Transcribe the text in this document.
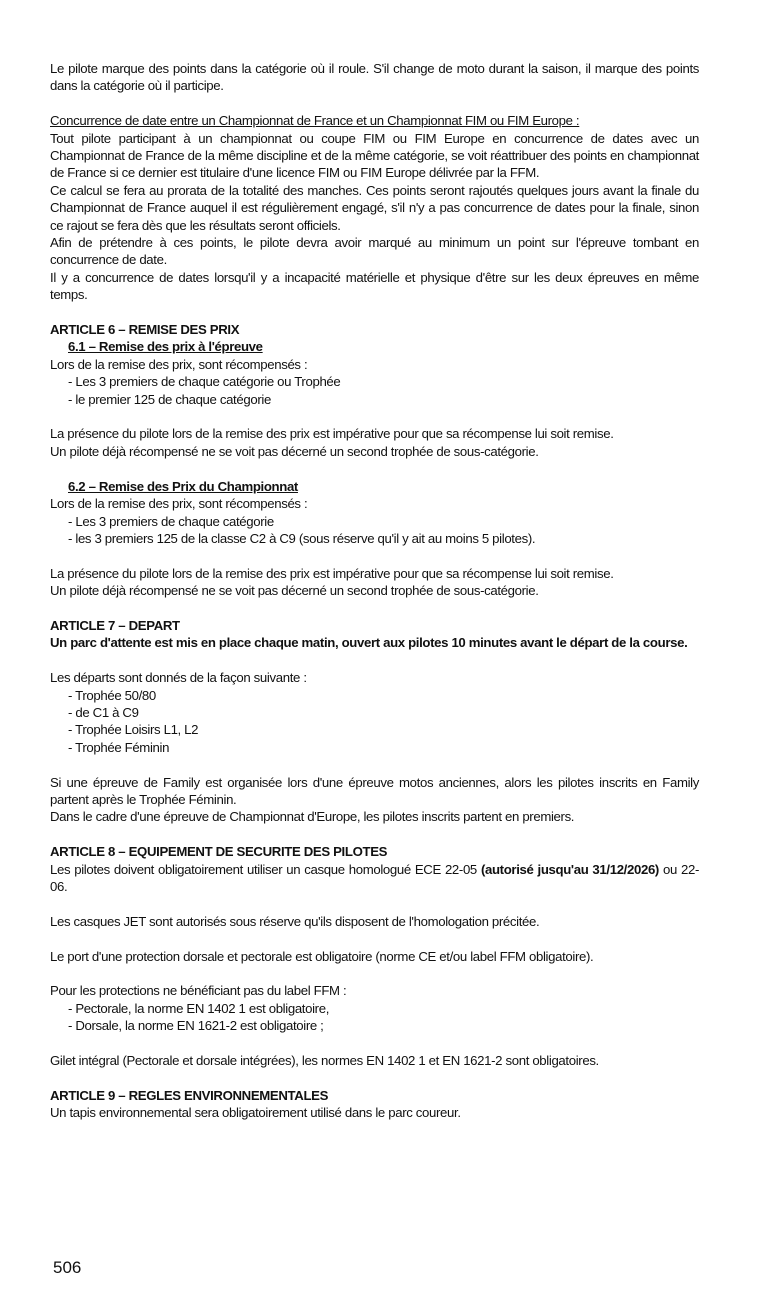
Le pilote marque des points dans la catégorie où il roule. S'il change de moto durant la saison, il marque des points dans la catégorie où il participe.

Concurrence de date entre un Championnat de France et un Championnat FIM ou FIM Europe :

Tout pilote participant à un championnat ou coupe FIM ou FIM Europe en concurrence de dates avec un Championnat de France de la même discipline et de la même catégorie, se voit réattribuer des points en championnat de France si ce dernier est titulaire d'une licence FIM ou FIM Europe délivrée par la FFM.

Ce calcul se fera au prorata de la totalité des manches. Ces points seront rajoutés quelques jours avant la finale du Championnat de France auquel il est régulièrement engagé, s'il n'y a pas concurrence de dates pour la finale, sinon ce rajout se fera dès que les résultats seront officiels.

Afin de prétendre à ces points, le pilote devra avoir marqué au minimum un point sur l'épreuve tombant en concurrence de date.

Il y a concurrence de dates lorsqu'il y a incapacité matérielle et physique d'être sur les deux épreuves en même temps.

ARTICLE 6 – REMISE DES PRIX

6.1 – Remise des prix à l'épreuve

Lors de la remise des prix, sont récompensés :

- Les 3 premiers de chaque catégorie ou Trophée
- le premier 125 de chaque catégorie

La présence du pilote lors de la remise des prix est impérative pour que sa récompense lui soit remise.

Un pilote déjà récompensé ne se voit pas décerné un second trophée de sous-catégorie.

6.2 – Remise des Prix du Championnat

Lors de la remise des prix, sont récompensés :

- Les 3 premiers de chaque catégorie
- les 3 premiers 125 de la classe C2 à C9 (sous réserve qu'il y ait au moins 5 pilotes).

La présence du pilote lors de la remise des prix est impérative pour que sa récompense lui soit remise.

Un pilote déjà récompensé ne se voit pas décerné un second trophée de sous-catégorie.

ARTICLE 7 – DEPART

Un parc d'attente est mis en place chaque matin, ouvert aux pilotes 10 minutes avant le départ de la course.

Les départs sont donnés de la façon suivante :

- Trophée 50/80
- de C1 à C9
- Trophée Loisirs L1, L2
- Trophée Féminin

Si une épreuve de Family est organisée lors d'une épreuve motos anciennes, alors les pilotes inscrits en Family partent après le Trophée Féminin.

Dans le cadre d'une épreuve de Championnat d'Europe, les pilotes inscrits partent en premiers.

ARTICLE 8 – EQUIPEMENT DE SECURITE DES PILOTES

Les pilotes doivent obligatoirement utiliser un casque homologué ECE 22-05 (autorisé jusqu'au 31/12/2026) ou 22-06.

Les casques JET sont autorisés sous réserve qu'ils disposent de l'homologation précitée.

Le port d'une protection dorsale et pectorale est obligatoire (norme CE et/ou label FFM obligatoire).

Pour les protections ne bénéficiant pas du label FFM :

- Pectorale, la norme EN 1402 1 est obligatoire,
- Dorsale, la norme EN 1621-2 est obligatoire ;

Gilet intégral (Pectorale et dorsale intégrées), les normes EN 1402 1 et EN 1621-2 sont obligatoires.

ARTICLE 9 – REGLES ENVIRONNEMENTALES

Un tapis environnemental sera obligatoirement utilisé dans le parc coureur.

506
